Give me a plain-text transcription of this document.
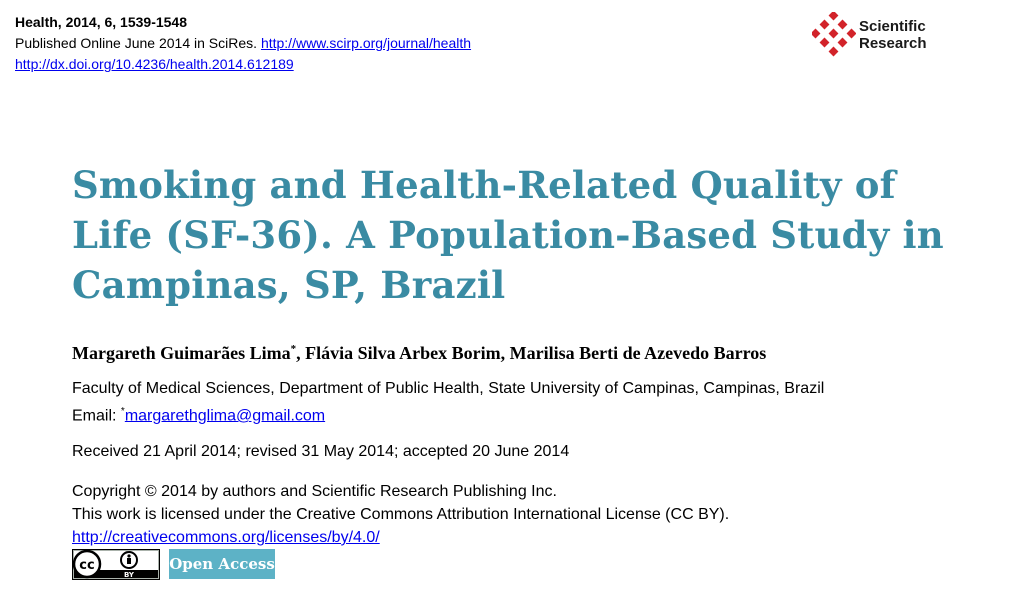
Health, 2014, 6, 1539-1548
Published Online June 2014 in SciRes. http://www.scirp.org/journal/health
http://dx.doi.org/10.4236/health.2014.612189
Scientific
Research
Smoking and Health-Related Quality of Life (SF-36). A Population-Based Study in Campinas, SP, Brazil
Margareth Guimarães Lima*, Flávia Silva Arbex Borim, Marilisa Berti de Azevedo Barros
Faculty of Medical Sciences, Department of Public Health, State University of Campinas, Campinas, Brazil
Email: *margarethglima@gmail.com
Received 21 April 2014; revised 31 May 2014; accepted 20 June 2014
Copyright © 2014 by authors and Scientific Research Publishing Inc.
This work is licensed under the Creative Commons Attribution International License (CC BY).
http://creativecommons.org/licenses/by/4.0/
cc
BY
Open Access
